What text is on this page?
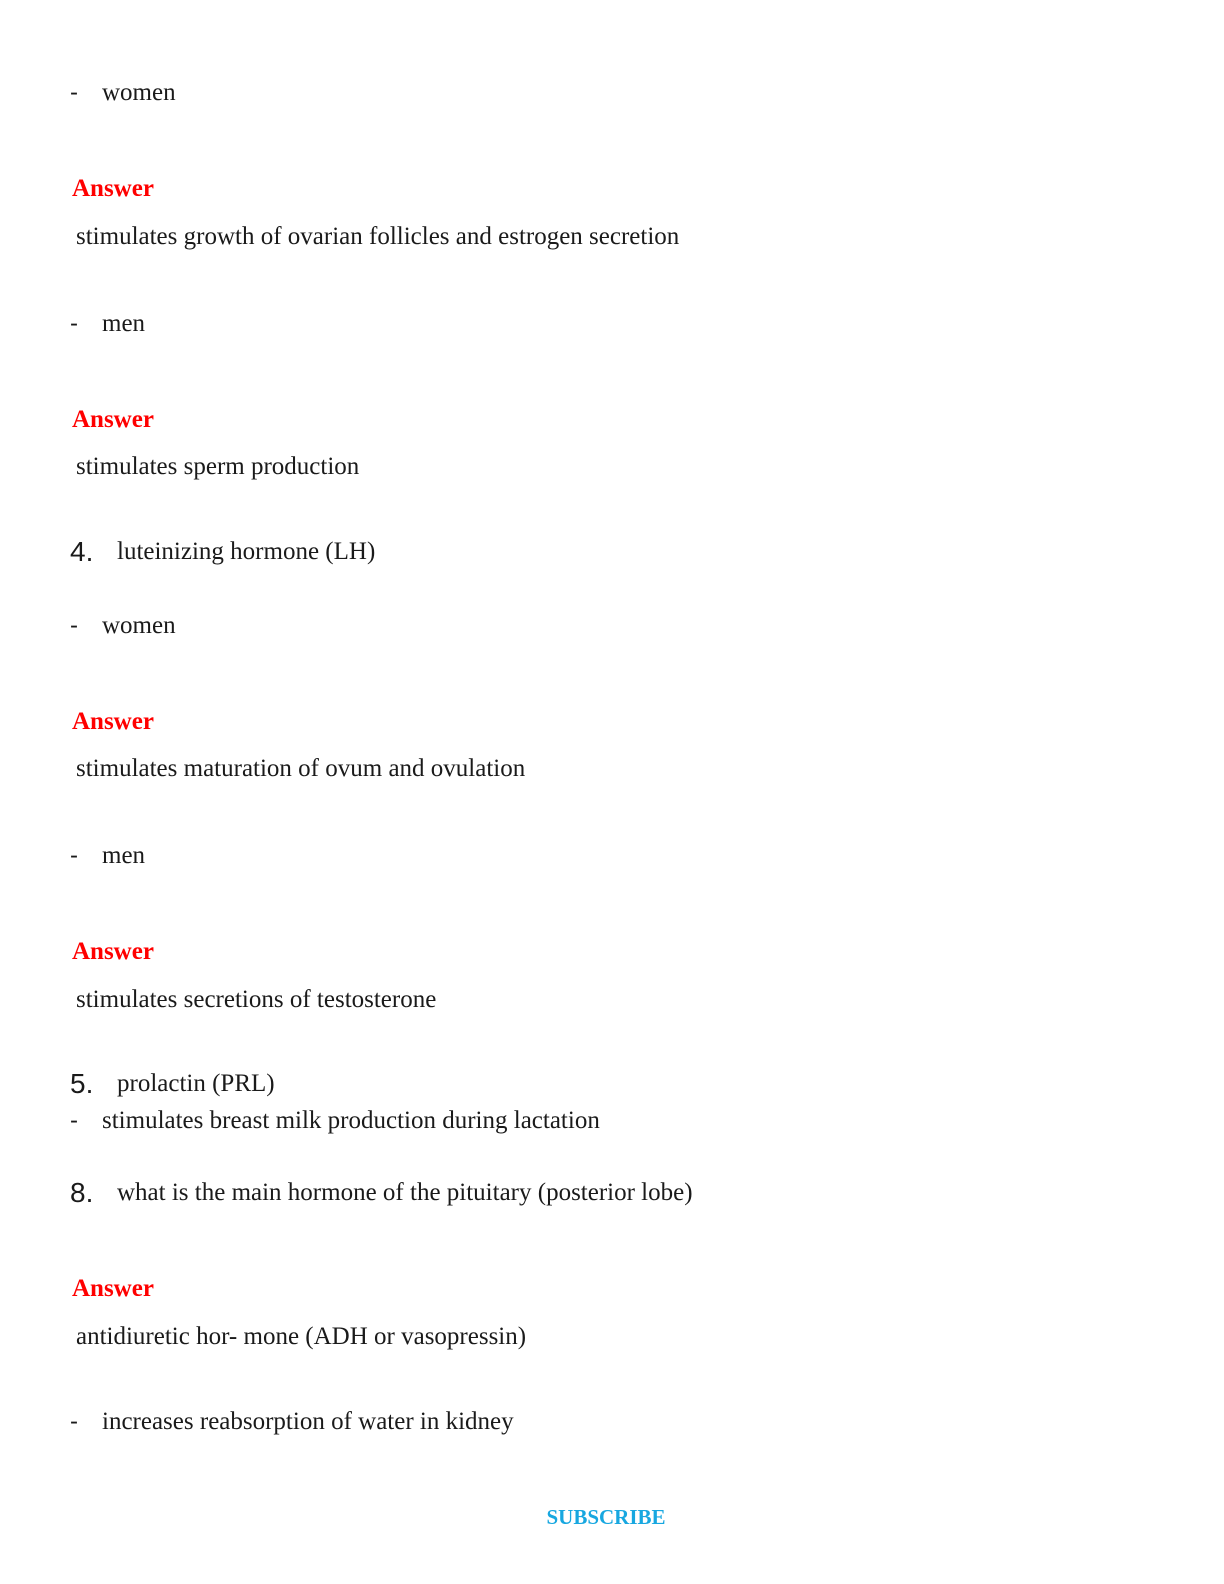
- women
Answer
stimulates growth of ovarian follicles and estrogen secretion
- men
Answer
stimulates sperm production
4. luteinizing hormone (LH)
- women
Answer
stimulates maturation of ovum and ovulation
- men
Answer
stimulates secretions of testosterone
5. prolactin (PRL)
- stimulates breast milk production during lactation
8. what is the main hormone of the pituitary (posterior lobe)
Answer
antidiuretic hor- mone (ADH or vasopressin)
- increases reabsorption of water in kidney
SUBSCRIBE
